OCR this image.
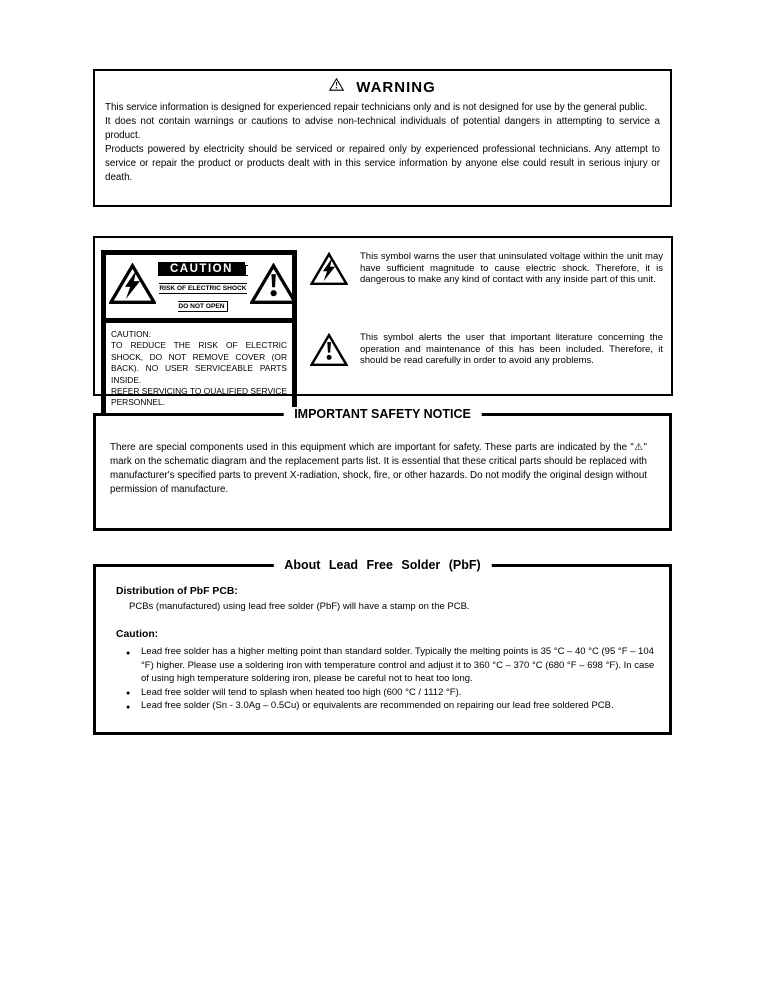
WARNING

This service information is designed for experienced repair technicians only and is not designed for use by the general public.

It does not contain warnings or cautions to advise non-technical individuals of potential dangers in attempting to service a product.

Products powered by electricity should be serviced or repaired only by experienced professional technicians. Any attempt to service or repair the product or products dealt with in this service information by anyone else could result in serious injury or death.

CAUTION RISK OF ELECTRIC SHOCK
DO NOT OPEN
CAUTION:
TO REDUCE THE RISK OF ELECTRIC SHOCK, DO NOT REMOVE COVER (OR BACK). NO USER SERVICEABLE PARTS INSIDE.
REFER SERVICING TO QUALIFIED SERVICE PERSONNEL.

This symbol warns the user that uninsulated voltage within the unit may have sufficient magnitude to cause electric shock. Therefore, it is dangerous to make any kind of contact with any inside part of this unit.

This symbol alerts the user that important literature concerning the operation and maintenance of this has been included. Therefore, it should be read carefully in order to avoid any problems.

IMPORTANT SAFETY NOTICE

There are special components used in this equipment which are important for safety. These parts are indicated by the "⚠" mark on the schematic diagram and the replacement parts list. It is essential that these critical parts should be replaced with manufacturer's specified parts to prevent X-radiation, shock, fire, or other hazards. Do not modify the original design without permission of manufacture.

About Lead Free Solder (PbF)
Distribution of PbF PCB:

PCBs (manufactured) using lead free solder (PbF) will have a stamp on the PCB.

Caution:
● Lead free solder has a higher melting point than standard solder. Typically the melting points is 35 °C – 40 °C (95 °F – 104 °F) higher. Please use a soldering iron with temperature control and adjust it to 360 °C – 370 °C (680 °F – 698 °F). In case of using high temperature soldering iron, please be careful not to heat too long.
● Lead free solder will tend to splash when heated too high (600 °C / 1112 °F).
● Lead free solder (Sn - 3.0Ag – 0.5Cu) or equivalents are recommended on repairing our lead free soldered PCB.
